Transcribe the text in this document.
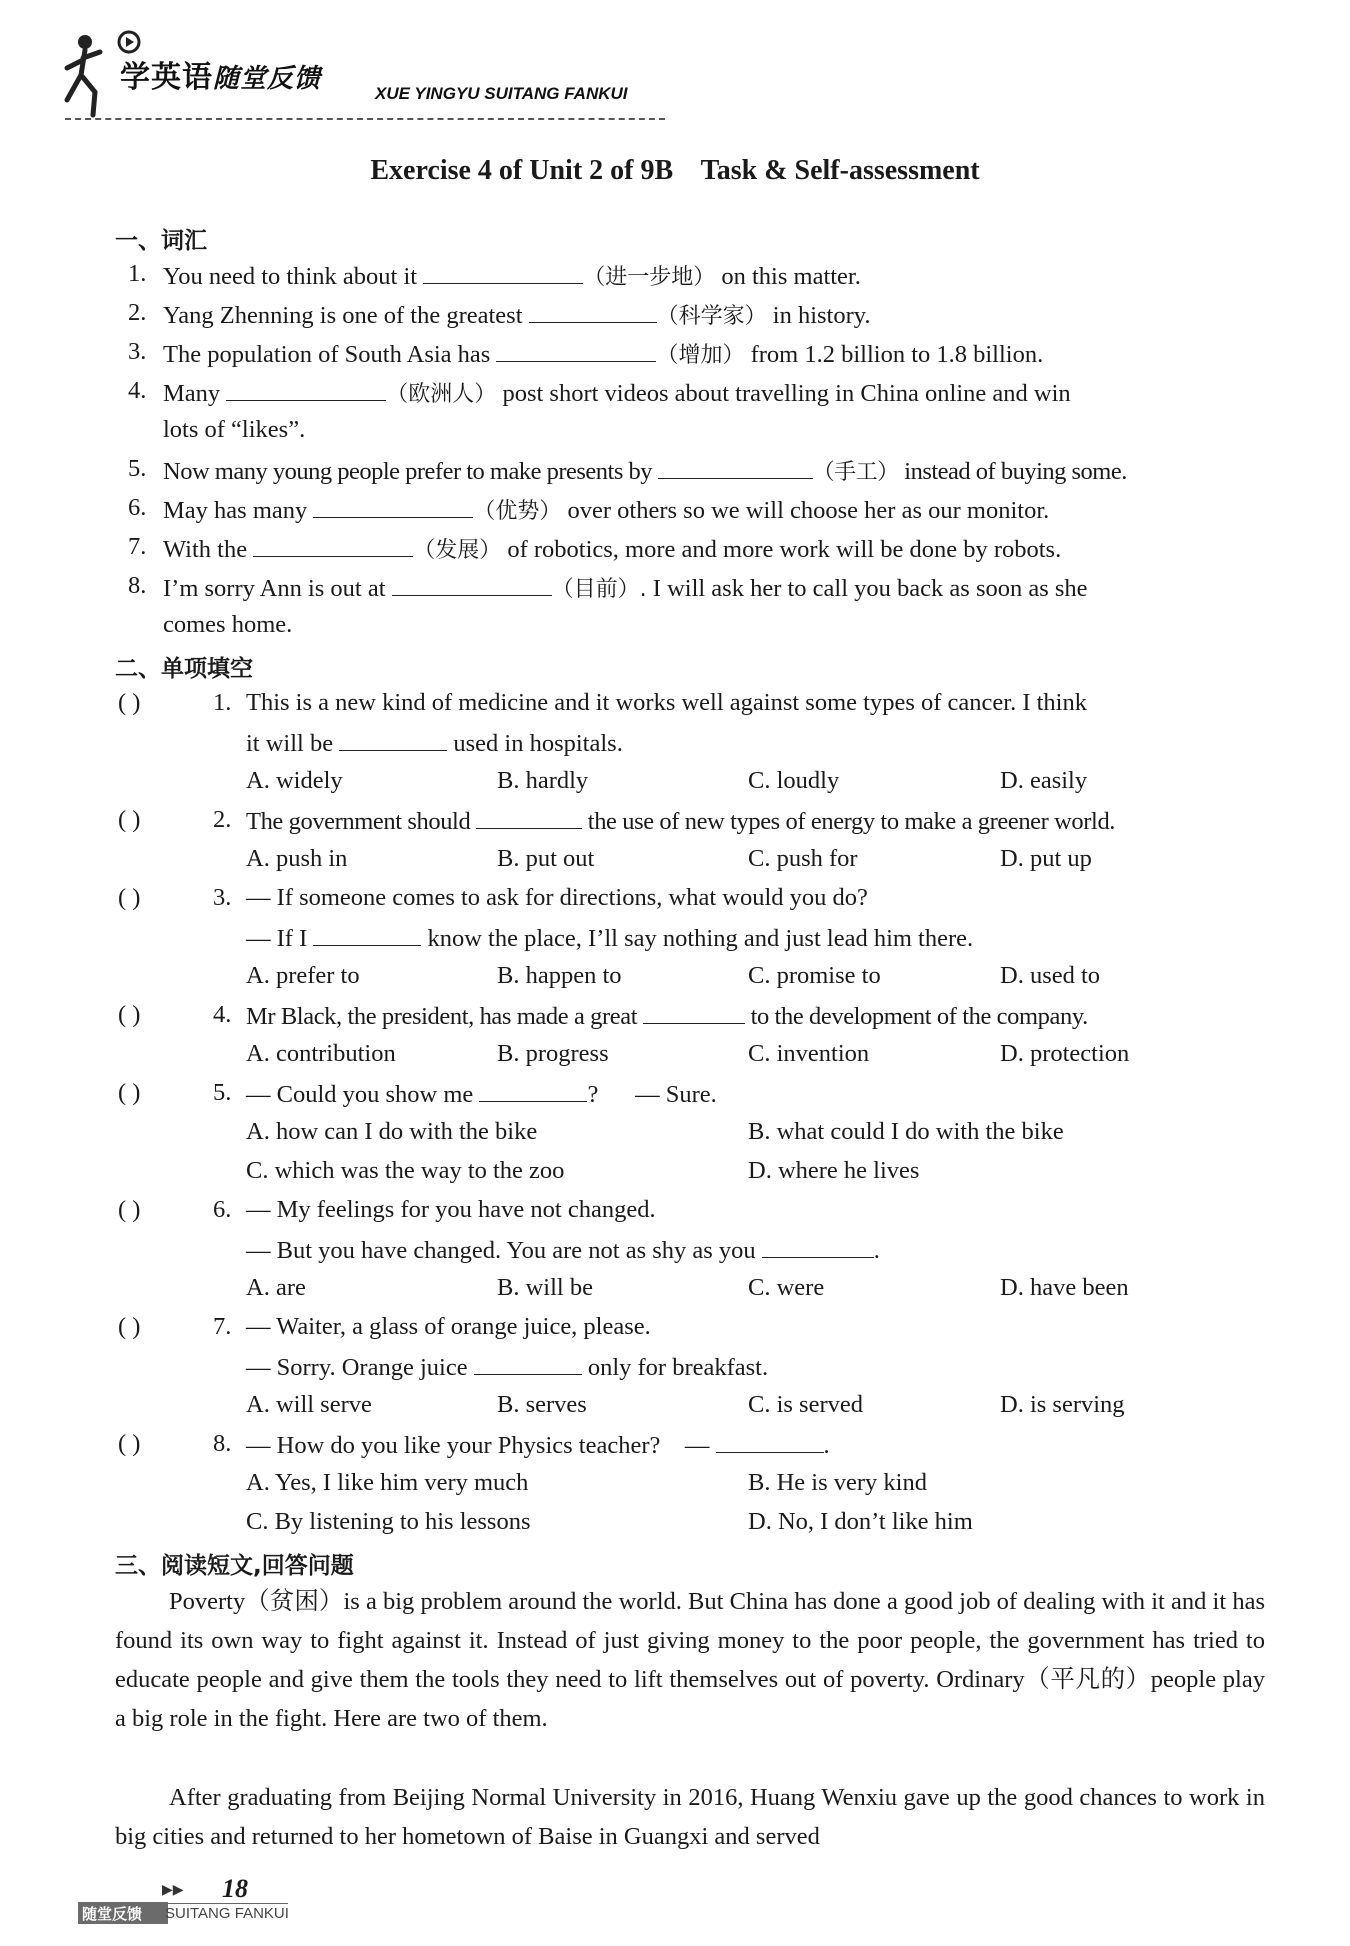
学英语随堂反馈	XUE YINGYU SUITANG FANKUI
Exercise 4 of Unit 2 of 9B    Task & Self-assessment
一、词汇
1. You need to think about it	（进一步地） on this matter.
2. Yang Zhenning is one of the greatest	（科学家） in history.
3. The population of South Asia has	（增加） from 1.2 billion to 1.8 billion.
4. Many	（欧洲人） post short videos about travelling in China online and win
lots of “likes”.
5. Now many young people prefer to make presents by	（手工） instead of buying some.
6. May has many	（优势） over others so we will choose her as our monitor.
7. With the	（发展） of robotics, more and more work will be done by robots.
8. I’m sorry Ann is out at	（目前）. I will ask her to call you back as soon as she
comes home.
二、单项填空
( )	1. This is a new kind of medicine and it works well against some types of cancer. I think
it will be	used in hospitals.
A. widely	B. hardly	C. loudly	D. easily
( )	2. The government should	the use of new types of energy to make a greener world.
A. push in	B. put out	C. push for	D. put up
( )	3. — If someone comes to ask for directions, what would you do?
— If I	know the place, I’ll say nothing and just lead him there.
A. prefer to	B. happen to	C. promise to	D. used to
( )	4. Mr Black, the president, has made a great	to the development of the company.
A. contribution	B. progress	C. invention	D. protection
( )	5. — Could you show me	? — Sure.
A. how can I do with the bike	B. what could I do with the bike
C. which was the way to the zoo	D. where he lives
( )	6. — My feelings for you have not changed.
— But you have changed. You are not as shy as you	.
A. are	B. will be	C. were	D. have been
( )	7. — Waiter, a glass of orange juice, please.
— Sorry. Orange juice	only for breakfast.
A. will serve	B. serves	C. is served	D. is serving
( )	8. — How do you like your Physics teacher? —	.
A. Yes, I like him very much	B. He is very kind
C. By listening to his lessons	D. No, I don’t like him
三、阅读短文,回答问题
Poverty（贫困）is a big problem around the world. But China has done a good job of dealing with it and it has found its own way to fight against it. Instead of just giving money to the poor people, the government has tried to educate people and give them the tools they need to lift themselves out of poverty. Ordinary（平凡的）people play a big role in the fight. Here are two of them.
After graduating from Beijing Normal University in 2016, Huang Wenxiu gave up the good chances to work in big cities and returned to her hometown of Baise in Guangxi and served
▶▶ 18
随堂反馈 SUITANG FANKUI
